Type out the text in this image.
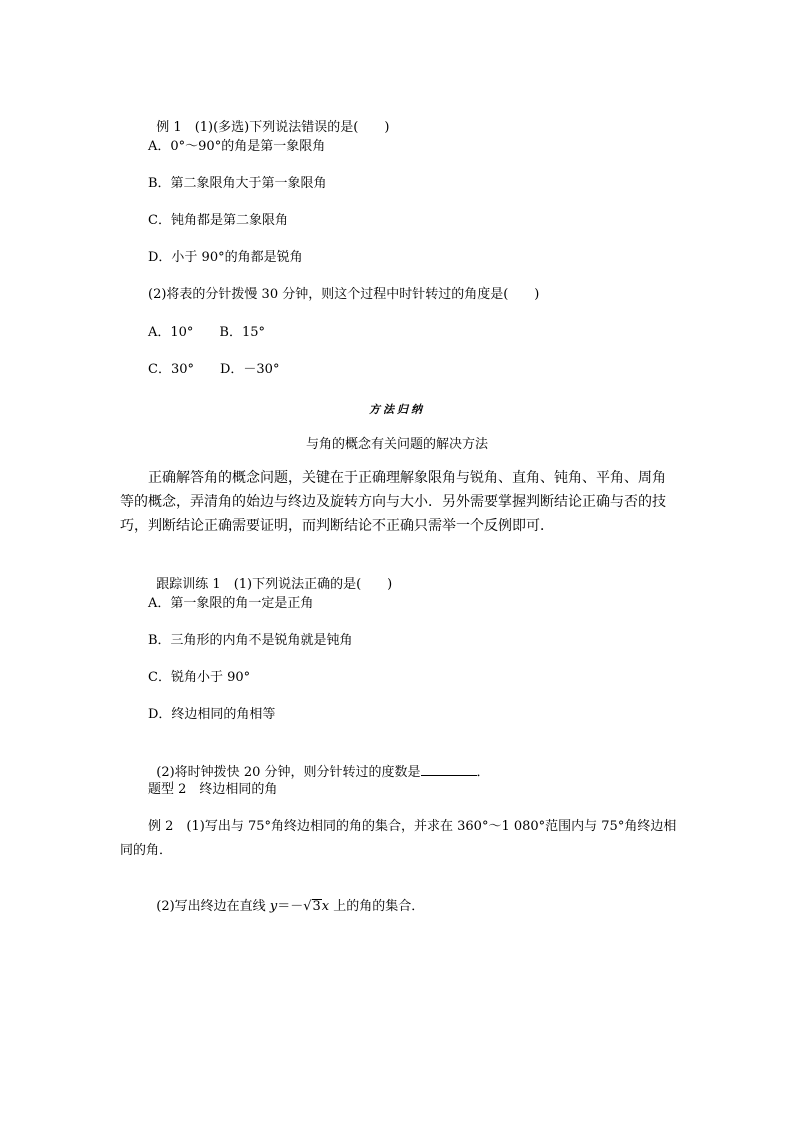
例 1　 (1)(多选)下列说法错误的是(　　)

A．0°～90°的角是第一象限角
B．第二象限角大于第一象限角
C．钝角都是第二象限角
D．小于 90°的角都是锐角
(2)将表的分针拨慢 30 分钟，则这个过程中时针转过的角度是(　　)
A．10°　　B．15°
C．30°　　D．－30°
方法归纳
与角的概念有关问题的解决方法
正确解答角的概念问题，关键在于正确理解象限角与锐角、直角、钝角、平角、周角等的概念，弄清角的始边与终边及旋转方向与大小．另外需要掌握判断结论正确与否的技巧，判断结论正确需要证明，而判断结论不正确只需举一个反例即可．

跟踪训练 1　 (1)下列说法正确的是(　　)

A．第一象限的角一定是正角
B．三角形的内角不是锐角就是钝角
C．锐角小于 90°
D．终边相同的角相等

(2)将时钟拨快 20 分钟，则分针转过的度数是	．

题型 2　终边相同的角
例 2　(1)写出与 75°角终边相同的角的集合，并求在 360°～1 080°范围内与 75°角终边相同的角．

(2)写出终边在直线 y＝－√3x 上的角的集合．
